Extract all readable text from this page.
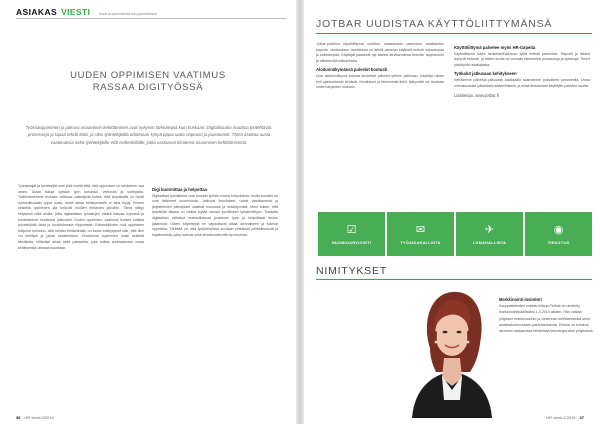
ASIAKAS VIESTI	Tietoa ja ajankohtaista kumppaneiltamme
UUDEN OPPIMISEN VAATIMUS
RASSAA DIGITYÖSSÄ
Työssäoppiminen ja jatkuva osaamisen kehittäminen ovat nykyisin tärkeämpiä kuin koskaan. Digitalisaatio muuttaa työtehtäviä, prosesseja ja tapaa tehdä töitä, ja siksi työntekijöiltä odotetaan kykyä oppia uutta nopeasti ja joustavasti. Tämä asettaa uusia vaatimuksia sekä työntekijöille että esihenkilöille, jotka vastaavat tiimiensä osaamisen kehittämisestä.
Työnantajat ja työntekijät ovat yhtä mieltä siitä, että oppiminen on keskeinen osa arkea. Uusia taitoja opitaan työn lomassa, verkossa ja kollegoilta. Tutkimuksemme mukaan valtaosa vastaajista kokee, että työpaikalla on hyvät mahdollisuudet oppia uutta, mutta aikaa kehittymiselle ei aina löydy. Kiireen keskellä oppiminen jää helposti muiden tehtävien jalkoihin. Tämä näkyy erityisesti niillä aloilla, joilla digitaalisten työkalujen määrä kasvaa nopeasti ja toimintatavat muuttuvat jatkuvasti. Uuden oppimisen vaatimus koskee kaikkia työntekijöitä iästä ja koulutuksesta riippumatta. Esihenkilöiden rooli oppimisen tukijoina korostuu, sillä heidän tehtävänään on luoda edellytykset sille, että tiimi voi kehittyä ja jakaa osaamistaan. Onnistunut oppiminen vaatii selkeitä tavoitteita, riittävästi aikaa sekä palautetta, joka auttaa suuntaamaan omaa kehittymistä oikeaan suuntaan.
Digi kuormittaa ja helpottaa
Digitaaliset työvälineet ovat tuoneet työhön monia helpotuksia, mutta samalla ne ovat lisänneet kuormitusta. Jatkuvat ilmoitukset, useat viestikanavat ja järjestelmien päivitykset vaativat huomiota ja keskittymistä. Moni kokee, että työpäivän aikana on vaikea löytää rauhaa syvälliseen työskentelyyn. Toisaalta digitaaliset ratkaisut mahdollistavat joustavan työn ja helpottavat tiedon jakamista. Oikein käytettyinä ne vapauttavat aikaa olennaiseen ja tukevat oppimista. Tärkeää on, että työyhteisössä sovitaan yhteisistä pelisäännöistä ja käytännöistä, jotka tukevat sekä tehokkuutta että hyvinvointia.
36 HR viesti 2/2019
JOTBAR UUDISTAA KÄYTTÖLIITTYMÄNSÄ
Jotbar-palvelun käyttöliittymä uudistuu vastaamaan paremmin asiakkaiden tarpeita. Uudistuksen tavoitteena on tehdä palvelun käytöstä entistä sujuvampaa ja selkeämpää. Käyttäjät pääsevät nyt käsiksi tarvitsemiinsa tietoihin nopeammin ja vähemmillä klikkauksilla.
Aloitusnäkymässä palvelut kootusti
Uusi aloitusnäkymä kokoaa keskeiset palvelut yhteen paikkaan. Käyttäjä näkee heti ajankohtaiset tehtävät, ilmoitukset ja tärkeimmät linkit. Näkymää voi muokata omien tarpeiden mukaan.
Käyttöliittymä palvelee myös HR-tarpeita
Käyttöliittymä tukee henkilöstöhallinnon työtä entistä paremmin. Raportit ja tilastot löytyvät helposti, ja niiden avulla voi seurata esimerkiksi poissaoloja ja työaikoja. Tiedot päivittyvät reaaliajassa.
Työkalut jatkuvaan kehitykseen
Kehitämme palvelua jatkuvasti asiakkailta saamamme palautteen perusteella. Uusia ominaisuuksia julkaistaan säännöllisesti, ja niistä tiedotetaan käyttäjille palvelun kautta.
Lisätietoja: www.jotbar.fi
☑
HUOMIOARVIOINTI
✉
TYÖAIKAHALLINTA
✈
LOMAHALLINTA
◉
TIEDOTUS
NIMITYKSET
Markkinointi-insinööri
Kauppatieteiden maisteri Marja Peltola on nimitetty markkinointipäälliköksi 1.3.2019 alkaen. Hän vastaa yrityksen markkinoinnin ja viestinnän kehittämisestä sekä asiakaskokemuksen parantamisesta. Peltola on toiminut aiemmin vastaavissa tehtävissä teknologia-alan yrityksissä.
HR viesti 2/2019 37
